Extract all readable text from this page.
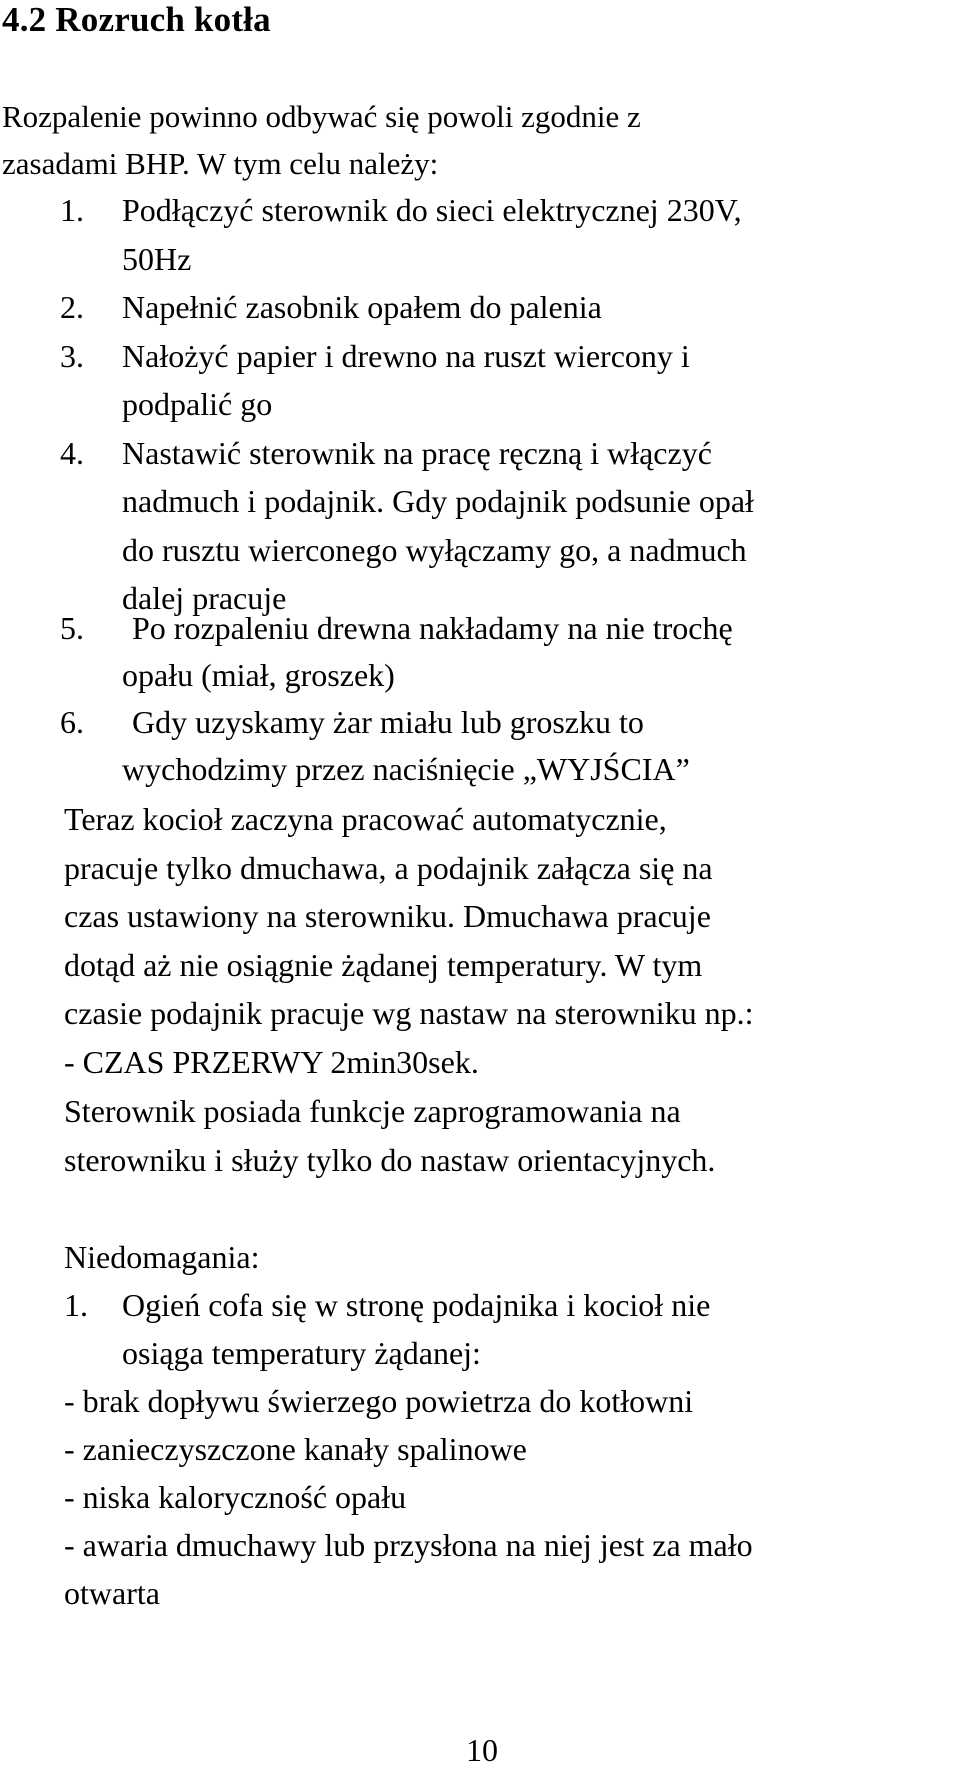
4.2 Rozruch kotła
Rozpalenie powinno odbywać się powoli zgodnie z
zasadami BHP. W tym celu należy:
1. Podłączyć sterownik do sieci elektrycznej 230V,
50Hz
2. Napełnić zasobnik opałem do palenia
3. Nałożyć papier i drewno na ruszt wiercony i
podpalić go
4. Nastawić sterownik na pracę ręczną i włączyć
nadmuch i podajnik. Gdy podajnik podsunie opał
do rusztu wierconego wyłączamy go, a nadmuch
dalej pracuje
5. Po rozpaleniu drewna nakładamy na nie trochę
opału (miał, groszek)
6. Gdy uzyskamy żar miału lub groszku to
wychodzimy przez naciśnięcie „WYJŚCIA”
Teraz kocioł zaczyna pracować automatycznie,
pracuje tylko dmuchawa, a podajnik załącza się na
czas ustawiony na sterowniku. Dmuchawa pracuje
dotąd aż nie osiągnie żądanej temperatury. W tym
czasie podajnik pracuje wg nastaw na sterowniku np.:
- CZAS PRZERWY 2min30sek.
Sterownik posiada funkcje zaprogramowania na
sterowniku i służy tylko do nastaw orientacyjnych.
Niedomagania:
1. Ogień cofa się w stronę podajnika i kocioł nie
osiąga temperatury żądanej:
- brak dopływu świerzego powietrza do kotłowni
- zanieczyszczone kanały spalinowe
- niska kaloryczność opału
- awaria dmuchawy lub przysłona na niej jest za mało
otwarta
10
